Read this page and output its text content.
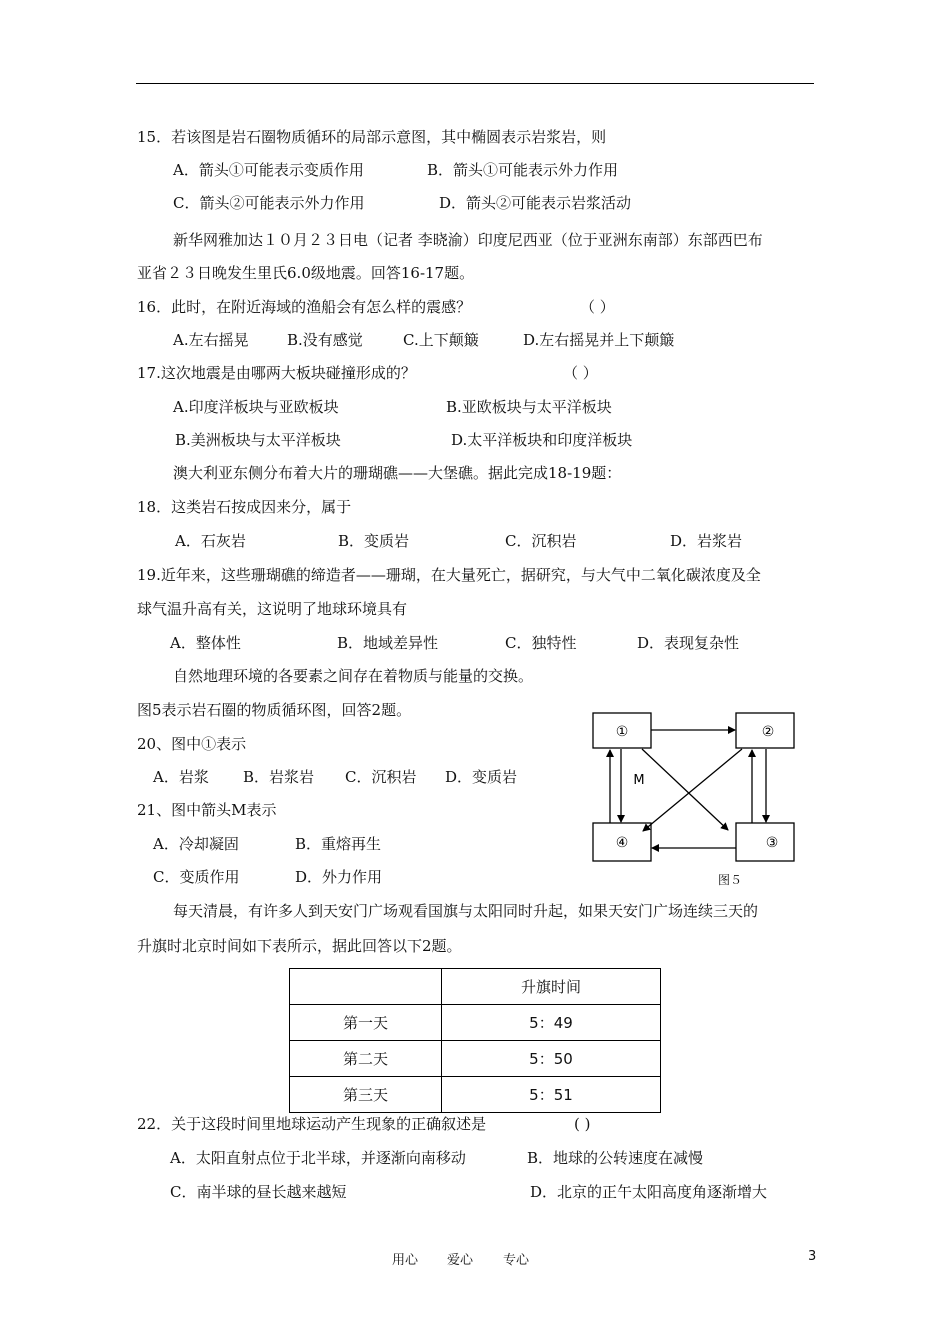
15．若该图是岩石圈物质循环的局部示意图，其中椭圆表示岩浆岩，则
A．箭头①可能表示变质作用	B．箭头①可能表示外力作用
C．箭头②可能表示外力作用	D．箭头②可能表示岩浆活动
新华网雅加达１０月２３日电（记者 李晓渝）印度尼西亚（位于亚洲东南部）东部西巴布
亚省２３日晚发生里氏6.0级地震。回答16-17题。
16．此时，在附近海域的渔船会有怎么样的震感？	（ ）
A.左右摇晃	B.没有感觉	C.上下颠簸	D.左右摇晃并上下颠簸
17.这次地震是由哪两大板块碰撞形成的？	（ ）
A.印度洋板块与亚欧板块	B.亚欧板块与太平洋板块
B.美洲板块与太平洋板块	D.太平洋板块和印度洋板块
澳大利亚东侧分布着大片的珊瑚礁——大堡礁。据此完成18-19题：
18．这类岩石按成因来分，属于
A．石灰岩	B．变质岩	C．沉积岩	D．岩浆岩
19.近年来，这些珊瑚礁的缔造者——珊瑚，在大量死亡，据研究，与大气中二氧化碳浓度及全
球气温升高有关，这说明了地球环境具有
A．整体性	B．地域差异性	C．独特性	D．表现复杂性
自然地理环境的各要素之间存在着物质与能量的交换。
图5表示岩石圈的物质循环图，回答2题。
20、图中①表示
A．岩浆 B．岩浆岩 C．沉积岩 D．变质岩
21、图中箭头M表示
A．冷却凝固	B．重熔再生
C．变质作用	D．外力作用
①	②
③
④
M
图５
每天清晨，有许多人到天安门广场观看国旗与太阳同时升起，如果天安门广场连续三天的
升旗时北京时间如下表所示，据此回答以下2题。
	升旗时间
第一天	5：49
第二天	5：50
第三天	5：51
22．关于这段时间里地球运动产生现象的正确叙述是	( )
A．太阳直射点位于北半球，并逐渐向南移动	B．地球的公转速度在减慢
C．南半球的昼长越来越短	D．北京的正午太阳高度角逐渐增大
用心 爱心 专心	3
